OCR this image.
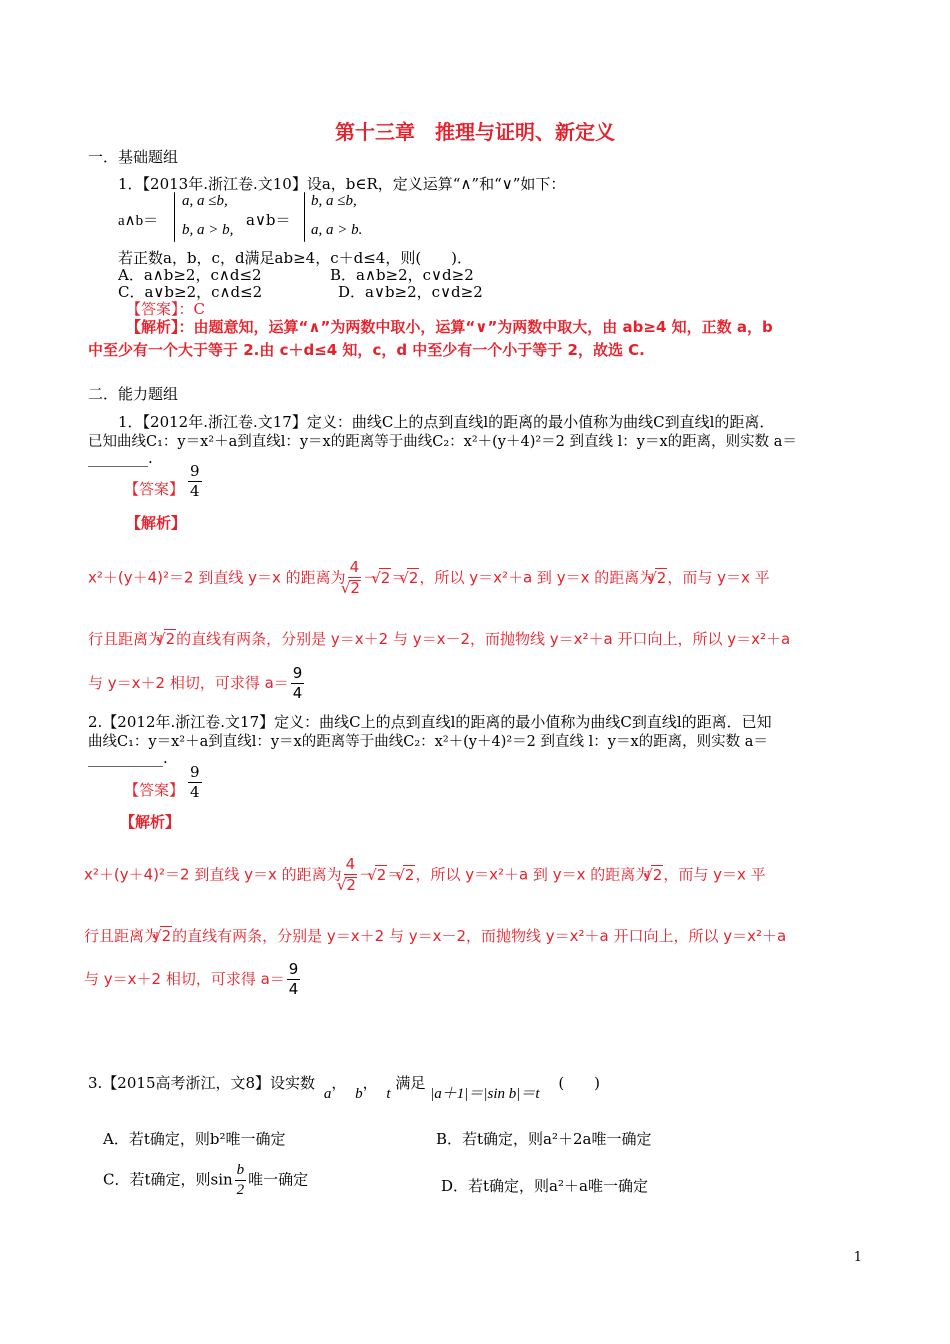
第十三章　推理与证明、新定义
一．基础题组
1．【2013年.浙江卷.文10】设a，b∈R，定义运算“∧”和“∨”如下：
a∧b＝
a, a ≤b,
b, a > b,
a∨b＝
b, a ≤b,
a, a > b.
若正数a，b，c，d满足ab≥4，c＋d≤4，则(　　)．
A．a∧b≥2，c∧d≤2	B．a∧b≥2，c∨d≥2
C．a∨b≥2，c∧d≤2	D．a∨b≥2，c∨d≥2
【答案】：C
【解析】：由题意知，运算“∧”为两数中取小，运算“∨”为两数中取大，由 ab≥4 知，正数 a，b
中至少有一个大于等于 2.由 c＋d≤4 知，c，d 中至少有一个小于等于 2，故选 C.
二．能力题组
1．【2012年.浙江卷.文17】定义：曲线C上的点到直线l的距离的最小值称为曲线C到直线l的距离．
已知曲线C₁：y＝x²＋a到直线l：y＝x的距离等于曲线C₂：x²＋(y＋4)²＝2 到直线 l：y＝x的距离，则实数 a＝
________.
【答案】 $\frac{9}{4}$
【解析】
x²＋(y＋4)²＝2 到直线 y＝x 的距离为 4
√ 2 － √ 2＝ √ 2，所以 y＝x²＋a 到 y＝x 的距离为 √ 2，而与 y＝x 平
行且距离为 √ 2的直线有两条，分别是 y＝x＋2 与 y＝x－2，而抛物线 y＝x²＋a 开口向上，所以 y＝x²＋a
与 y＝x＋2 相切，可求得 $a= \frac{9}{4}$
2.【2012年.浙江卷.文17】定义：曲线C上的点到直线l的距离的最小值称为曲线C到直线l的距离．已知
曲线C₁：y＝x²＋a到直线l：y＝x的距离等于曲线C₂：x²＋(y＋4)²＝2 到直线 l：y＝x的距离，则实数 a＝
__________.
【答案】 $\frac{9}{4}$
【解析】
x²＋(y＋4)²＝2 到直线 y＝x 的距离为 4
√ 2 － √ 2＝ √ 2，所以 y＝x²＋a 到 y＝x 的距离为 √ 2，而与 y＝x 平
行且距离为 √ 2的直线有两条，分别是 y＝x＋2 与 y＝x－2，而抛物线 y＝x²＋a 开口向上，所以 y＝x²＋a
与 y＝x＋2 相切，可求得 $a= \frac{9}{4}$
3.【2015高考浙江，文8】设实数 a， b， t 满足 |a＋1|＝|sin b|＝t (　　)
A．若t确定，则b²唯一确定	B．若t确定，则a²＋2a唯一确定
C．若t确定，则$\sin \frac{b}{2}$ 唯一确定	D．若t确定，则a²＋a唯一确定
1
